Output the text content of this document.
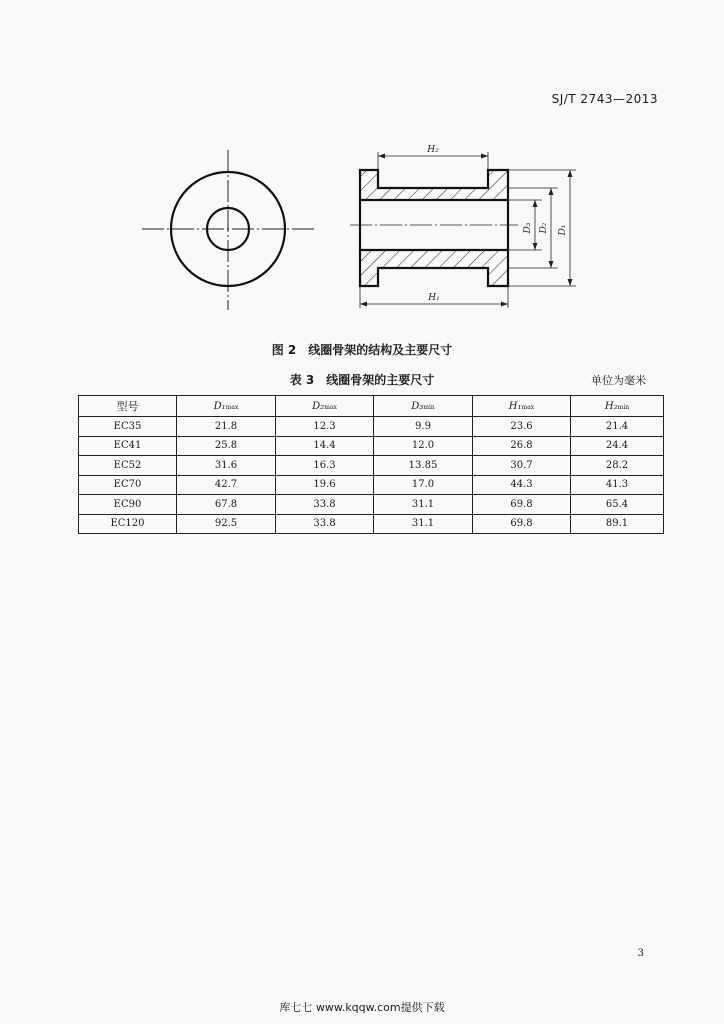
SJ/T 2743—2013
H₂
H₁
D₃ D₂ D₁
图 2　线圈骨架的结构及主要尺寸
表 3　线圈骨架的主要尺寸	单位为毫米
型号	D₁max	D₂max	D₃min	H₁max	H₂min
EC35	21.8	12.3	9.9	23.6	21.4
EC41	25.8	14.4	12.0	26.8	24.4
EC52	31.6	16.3	13.85	30.7	28.2
EC70	42.7	19.6	17.0	44.3	41.3
EC90	67.8	33.8	31.1	69.8	65.4
EC120	92.5	33.8	31.1	69.8	89.1
3
库七七 www.kqqw.com提供下载
